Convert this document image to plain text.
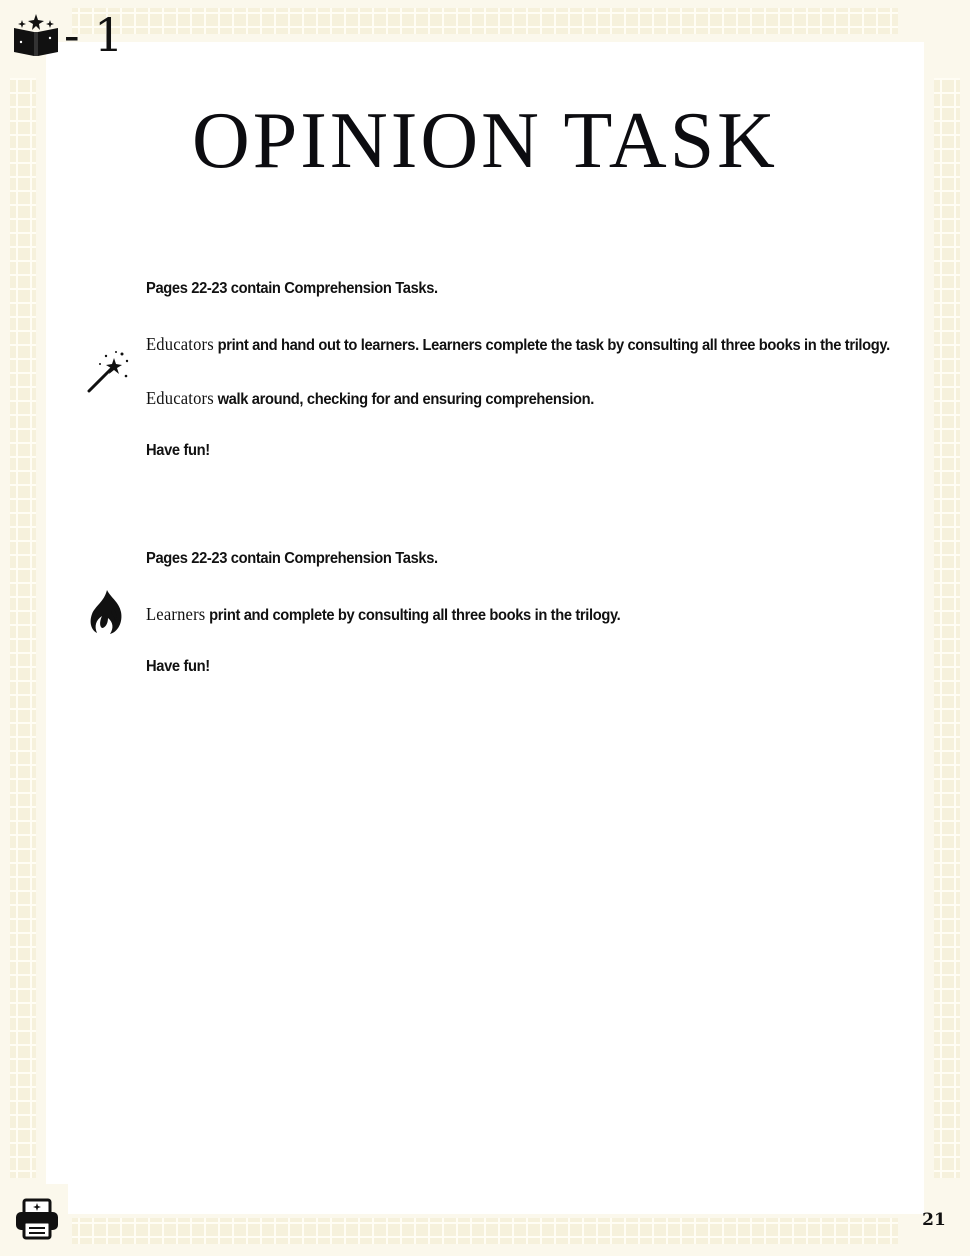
- 1
OPINION TASK

Pages 22-23 contain Comprehension Tasks.

Educators print and hand out to learners. Learners complete the task by consulting all three books in the trilogy.

Educators walk around, checking for and ensuring comprehension.

Have fun!

Pages 22-23 contain Comprehension Tasks.

Learners print and complete by consulting all three books in the trilogy.

Have fun!

21
